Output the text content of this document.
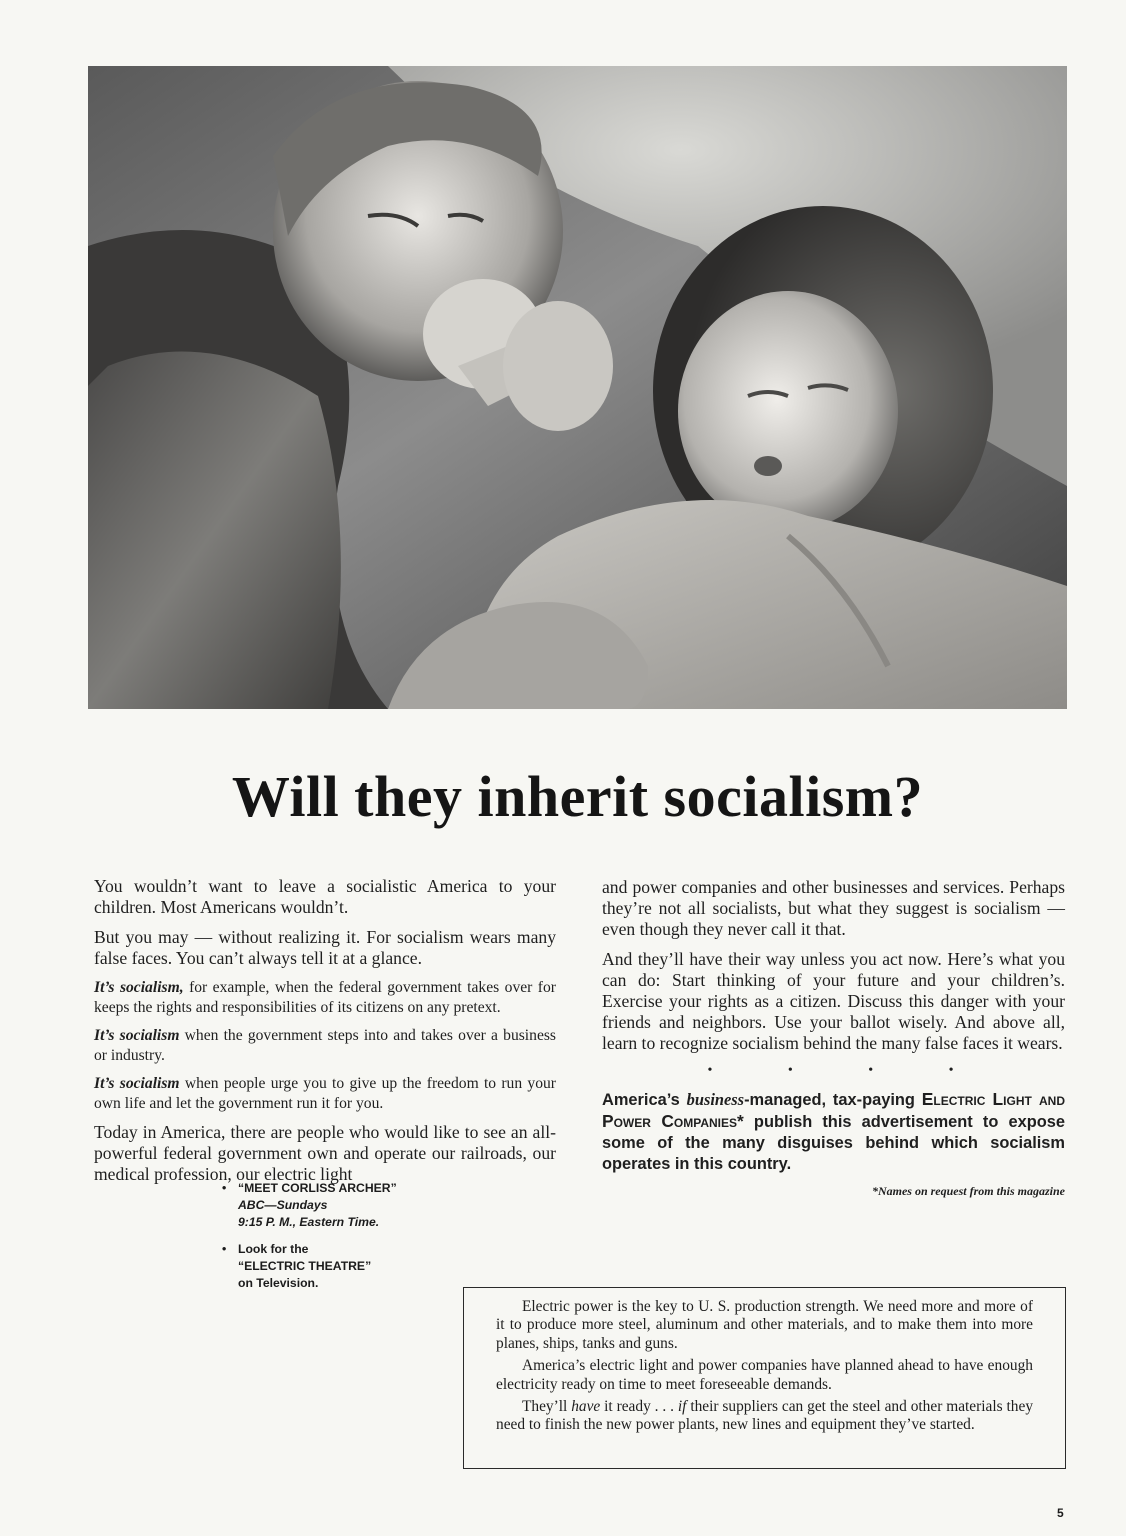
Will they inherit socialism?

You wouldn’t want to leave a socialistic America to your children. Most Americans wouldn’t.

But you may — without realizing it. For socialism wears many false faces. You can’t always tell it at a glance.

It’s socialism, for example, when the federal government takes over for keeps the rights and responsibilities of its citizens on any pretext.

It’s socialism when the government steps into and takes over a business or industry.

It’s socialism when people urge you to give up the freedom to run your own life and let the government run it for you.

Today in America, there are people who would like to see an all-powerful federal government own and operate our railroads, our medical profession, our electric light

and power companies and other businesses and services. Perhaps they’re not all socialists, but what they suggest is socialism — even though they never call it that.

And they’ll have their way unless you act now. Here’s what you can do: Start thinking of your future and your children’s. Exercise your rights as a citizen. Discuss this danger with your friends and neighbors. Use your ballot wisely. And above all, learn to recognize socialism behind the many false faces it wears.

• • • •

America’s business-managed, tax-paying Electric Light and Power Companies* publish this advertisement to expose some of the many disguises behind which socialism operates in this country.

*Names on request from this magazine
• “MEET CORLISS ARCHER”
ABC—Sundays
9:15 P. M., Eastern Time.
• Look for the
“ELECTRIC THEATRE”
on Television.

Electric power is the key to U. S. production strength. We need more and more of it to produce more steel, aluminum and other materials, and to make them into more planes, ships, tanks and guns.

America’s electric light and power companies have planned ahead to have enough electricity ready on time to meet foreseeable demands.

They’ll have it ready . . . if their suppliers can get the steel and other materials they need to finish the new power plants, new lines and equipment they’ve started.

5
